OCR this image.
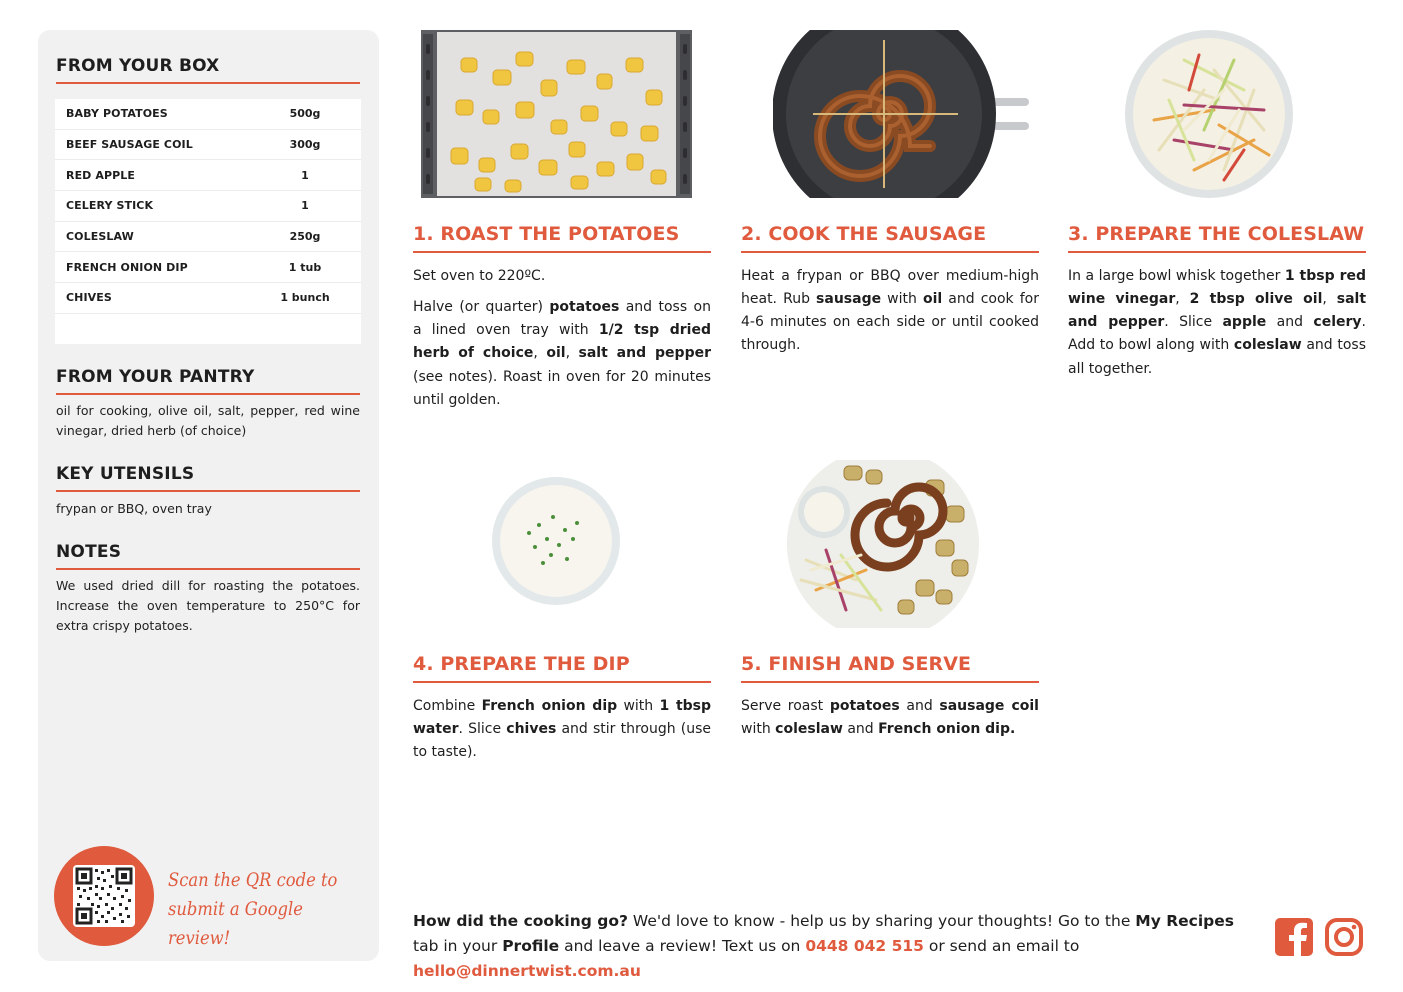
FROM YOUR BOX
BABY POTATOES	500g
BEEF SAUSAGE COIL	300g
RED APPLE	1
CELERY STICK	1
COLESLAW	250g
FRENCH ONION DIP	1 tub
CHIVES	1 bunch
FROM YOUR PANTRY
oil for cooking, olive oil, salt, pepper, red wine vinegar, dried herb (of choice)
KEY UTENSILS
frypan or BBQ, oven tray
NOTES
We used dried dill for roasting the potatoes. Increase the oven temperature to 250°C for extra crispy potatoes.
Scan the QR code to
submit a Google review!
1. ROAST THE POTATOES

Set oven to 220ºC.

Halve (or quarter) potatoes and toss on a lined oven tray with 1/2 tsp dried herb of choice, oil, salt and pepper (see notes). Roast in oven for 20 minutes until golden.

2. COOK THE SAUSAGE

Heat a frypan or BBQ over medium-high heat. Rub sausage with oil and cook for 4-6 minutes on each side or until cooked through.

3. PREPARE THE COLESLAW

In a large bowl whisk together 1 tbsp red wine vinegar, 2 tbsp olive oil, salt and pepper. Slice apple and celery. Add to bowl along with coleslaw and toss all together.

4. PREPARE THE DIP

Combine French onion dip with 1 tbsp water. Slice chives and stir through (use to taste).

5. FINISH AND SERVE

Serve roast potatoes and sausage coil with coleslaw and French onion dip.

How did the cooking go? We'd love to know - help us by sharing your thoughts! Go to the My Recipes tab in your Profile and leave a review! Text us on 0448 042 515 or send an email to hello@dinnertwist.com.au
